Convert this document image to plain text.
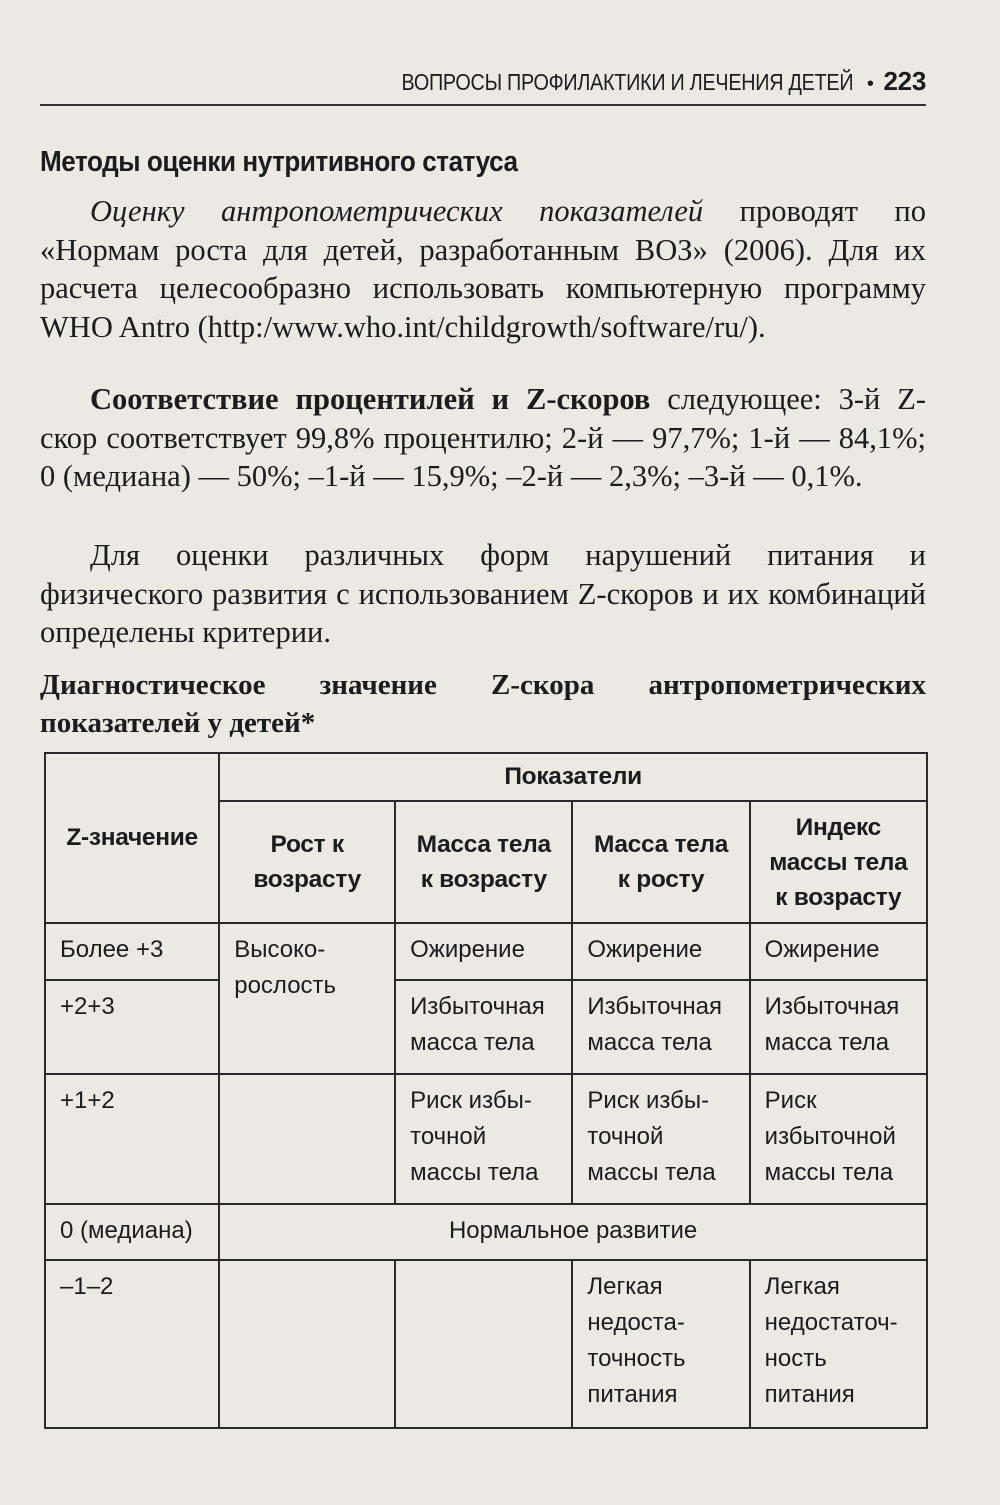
ВОПРОСЫ ПРОФИЛАКТИКИ И ЛЕЧЕНИЯ ДЕТЕЙ • 223
Методы оценки нутритивного статуса

Оценку антропометрических показателей проводят по «Нормам роста для детей, разработанным ВОЗ» (2006). Для их расчета целесообразно использовать компьютерную программу WHO Antro (http:/www.who.int/childgrowth/software/ru/).

Соответствие процентилей и Z-скоров следующее: 3-й Z-скор соответствует 99,8% процентилю; 2-й — 97,7%; 1-й — 84,1%; 0 (медиана) — 50%; –1-й — 15,9%; –2-й — 2,3%; –3-й — 0,1%.

Для оценки различных форм нарушений питания и физического развития с использованием Z-скоров и их комбинаций определены критерии.

Диагностическое значение Z-скора антропометрических показателей у детей*

Z-значение	Показатели			
	Рост к возрасту	Масса тела к возрасту	Масса тела к росту	Индекс массы тела к возрасту
Более +3	Высоко-рослость	Ожирение	Ожирение	Ожирение
+2+3		Избыточная масса тела	Избыточная масса тела	Избыточная масса тела
+1+2		Риск избы-точной массы тела	Риск избы-точной массы тела	Риск избыточной массы тела
0 (медиана)	Нормальное развитие			
–1–2			Легкая недоста-точность питания	Легкая недостаточ-ность питания
